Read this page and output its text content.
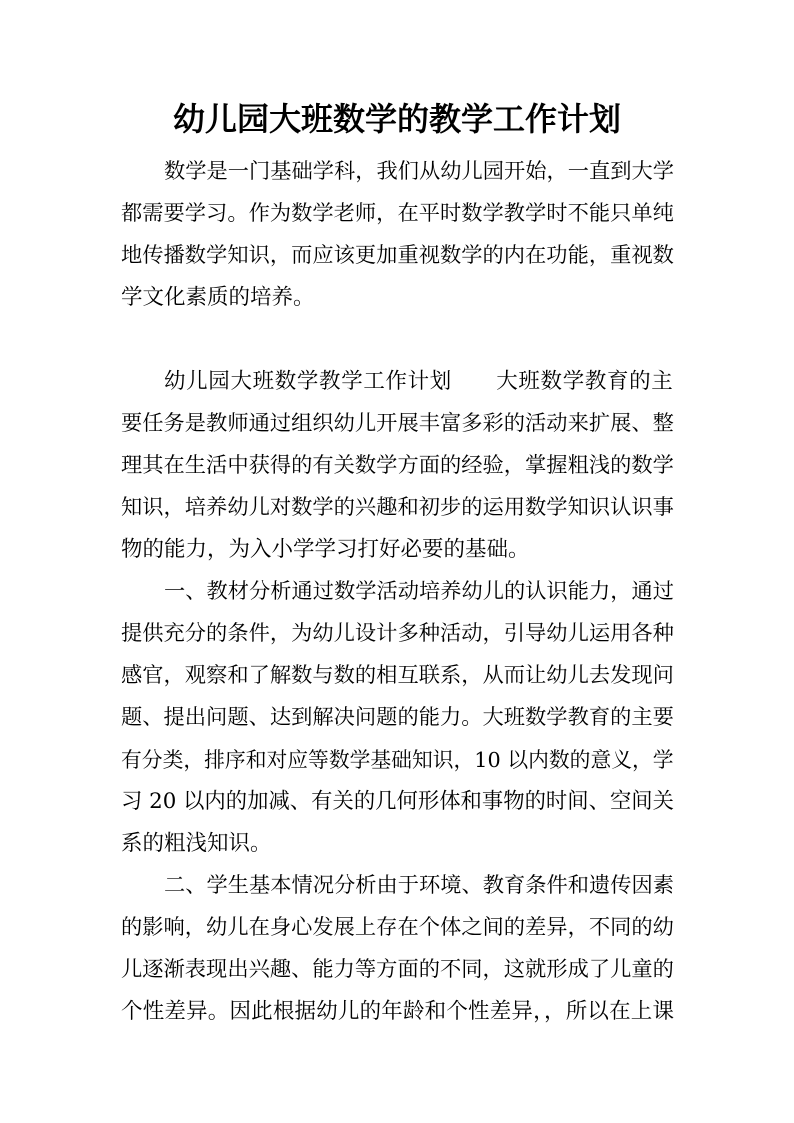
幼儿园大班数学的教学工作计划
数学是一门基础学科，我们从幼儿园开始，一直到大学
都需要学习。作为数学老师，在平时数学教学时不能只单纯
地传播数学知识，而应该更加重视数学的内在功能，重视数
学文化素质的培养。
幼儿园大班数学教学工作计划　　大班数学教育的主
要任务是教师通过组织幼儿开展丰富多彩的活动来扩展、整
理其在生活中获得的有关数学方面的经验，掌握粗浅的数学
知识，培养幼儿对数学的兴趣和初步的运用数学知识认识事
物的能力，为入小学学习打好必要的基础。
一、教材分析通过数学活动培养幼儿的认识能力，通过
提供充分的条件，为幼儿设计多种活动，引导幼儿运用各种
感官，观察和了解数与数的相互联系，从而让幼儿去发现问
题、提出问题、达到解决问题的能力。大班数学教育的主要
有分类，排序和对应等数学基础知识，10 以内数的意义，学
习 20 以内的加减、有关的几何形体和事物的时间、空间关
系的粗浅知识。
二、学生基本情况分析由于环境、教育条件和遗传因素
的影响，幼儿在身心发展上存在个体之间的差异，不同的幼
儿逐渐表现出兴趣、能力等方面的不同，这就形成了儿童的
个性差异。因此根据幼儿的年龄和个性差异，，所以在上课
